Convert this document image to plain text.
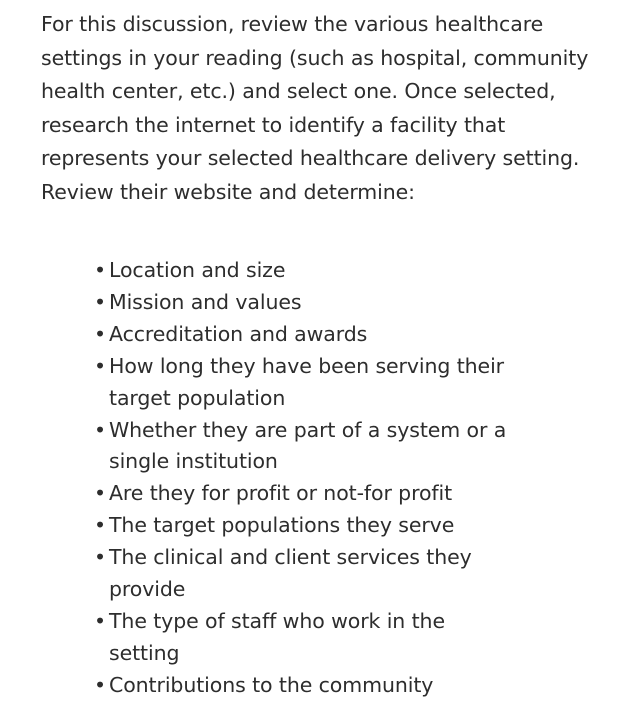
For this discussion, review the various healthcare
settings in your reading (such as hospital, community
health center, etc.) and select one. Once selected,
research the internet to identify a facility that
represents your selected healthcare delivery setting.
Review their website and determine:

• Location and size
• Mission and values
• Accreditation and awards
• How long they have been serving their
target population
• Whether they are part of a system or a
single institution
• Are they for profit or not-for profit
• The target populations they serve
• The clinical and client services they
provide
• The type of staff who work in the
setting
• Contributions to the community
